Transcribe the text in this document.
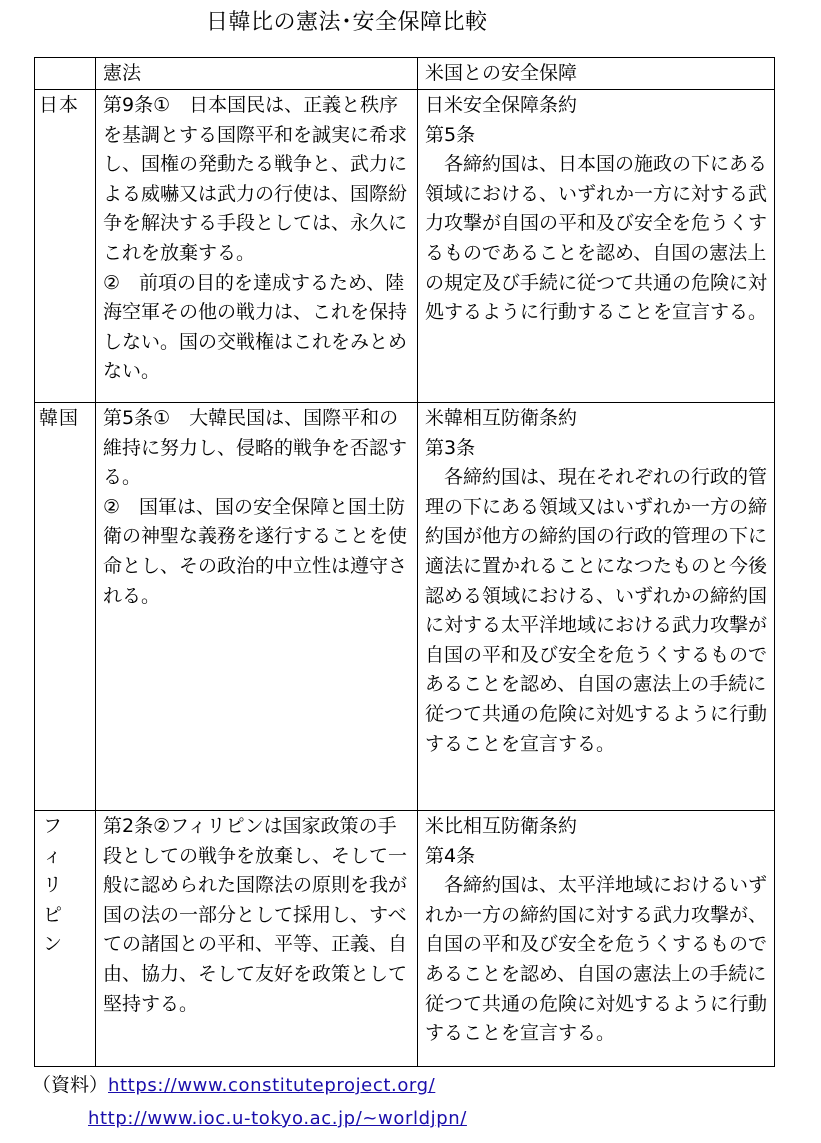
日韓比の憲法･安全保障比較
	憲法	米国との安全保障
日本	第9条①　日本国民は、正義と秩序を基調とする国際平和を誠実に希求し、国権の発動たる戦争と、武力による威嚇又は武力の行使は、国際紛争を解決する手段としては、永久にこれを放棄する。
②　前項の目的を達成するため、陸海空軍その他の戦力は、これを保持しない。国の交戦権はこれをみとめない。	日米安全保障条約
第5条
　各締約国は、日本国の施政の下にある領域における、いずれか一方に対する武力攻撃が自国の平和及び安全を危うくするものであることを認め、自国の憲法上の規定及び手続に従つて共通の危険に対処するように行動することを宣言する。

韓国	第5条①　大韓民国は、国際平和の維持に努力し、侵略的戦争を否認する。
②　国軍は、国の安全保障と国土防衛の神聖な義務を遂行することを使命とし、その政治的中立性は遵守される。	米韓相互防衛条約
第3条
　各締約国は、現在それぞれの行政的管理の下にある領域又はいずれか一方の締約国が他方の締約国の行政的管理の下に適法に置かれることになつたものと今後認める領域における、いずれかの締約国に対する太平洋地域における武力攻撃が自国の平和及び安全を危うくするものであることを認め、自国の憲法上の手続に従つて共通の危険に対処するように行動することを宣言する。

フィリピン	第2条②フィリピンは国家政策の手段としての戦争を放棄し、そして一般に認められた国際法の原則を我が国の法の一部分として採用し、すべての諸国との平和、平等、正義、自由、協力、そして友好を政策として堅持する。	米比相互防衛条約
第4条
　各締約国は、太平洋地域におけるいずれか一方の締約国に対する武力攻撃が、自国の平和及び安全を危うくするものであることを認め、自国の憲法上の手続に従つて共通の危険に対処するように行動することを宣言する。
（資料）https://www.constituteproject.org/
http://www.ioc.u-tokyo.ac.jp/~worldjpn/
